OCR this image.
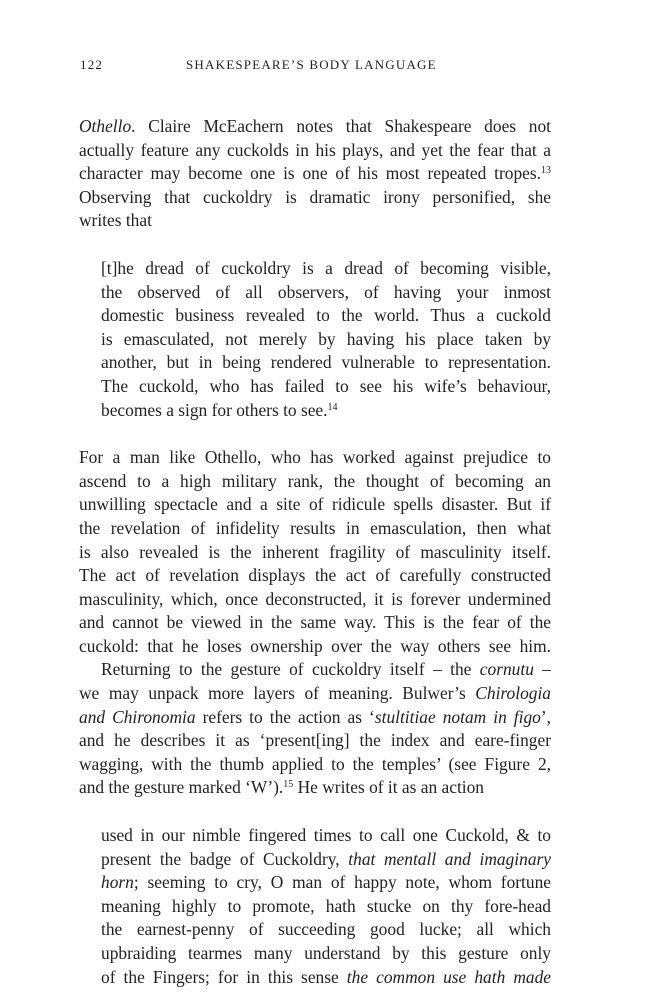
122	SHAKESPEARE’S BODY LANGUAGE
Othello. Claire McEachern notes that Shakespeare does not
actually feature any cuckolds in his plays, and yet the fear that a
character may become one is one of his most repeated tropes.$^{13}$
Observing that cuckoldry is dramatic irony personified, she
writes that
[t]he dread of cuckoldry is a dread of becoming visible,
the observed of all observers, of having your inmost
domestic business revealed to the world. Thus a cuckold
is emasculated, not merely by having his place taken by
another, but in being rendered vulnerable to representation.
The cuckold, who has failed to see his wife’s behaviour,
becomes a sign for others to see.$^{14}$
For a man like Othello, who has worked against prejudice to
ascend to a high military rank, the thought of becoming an
unwilling spectacle and a site of ridicule spells disaster. But if
the revelation of infidelity results in emasculation, then what
is also revealed is the inherent fragility of masculinity itself.
The act of revelation displays the act of carefully constructed
masculinity, which, once deconstructed, it is forever undermined
and cannot be viewed in the same way. This is the fear of the
cuckold: that he loses ownership over the way others see him.
Returning to the gesture of cuckoldry itself – the cornutu –
we may unpack more layers of meaning. Bulwer’s Chirologia
and Chironomia refers to the action as ‘stultitiae notam in figo’,
and he describes it as ‘present[ing] the index and eare-finger
wagging, with the thumb applied to the temples’ (see Figure 2,
and the gesture marked ‘W’).$^{15}$ He writes of it as an action
used in our nimble fingered times to call one Cuckold, & to
present the badge of Cuckoldry, that mentall and imaginary
horn; seeming to cry, O man of happy note, whom fortune
meaning highly to promote, hath stucke on thy fore-head
the earnest-penny of succeeding good lucke; all which
upbraiding tearmes many understand by this gesture only
of the Fingers; for in this sense the common use hath made
